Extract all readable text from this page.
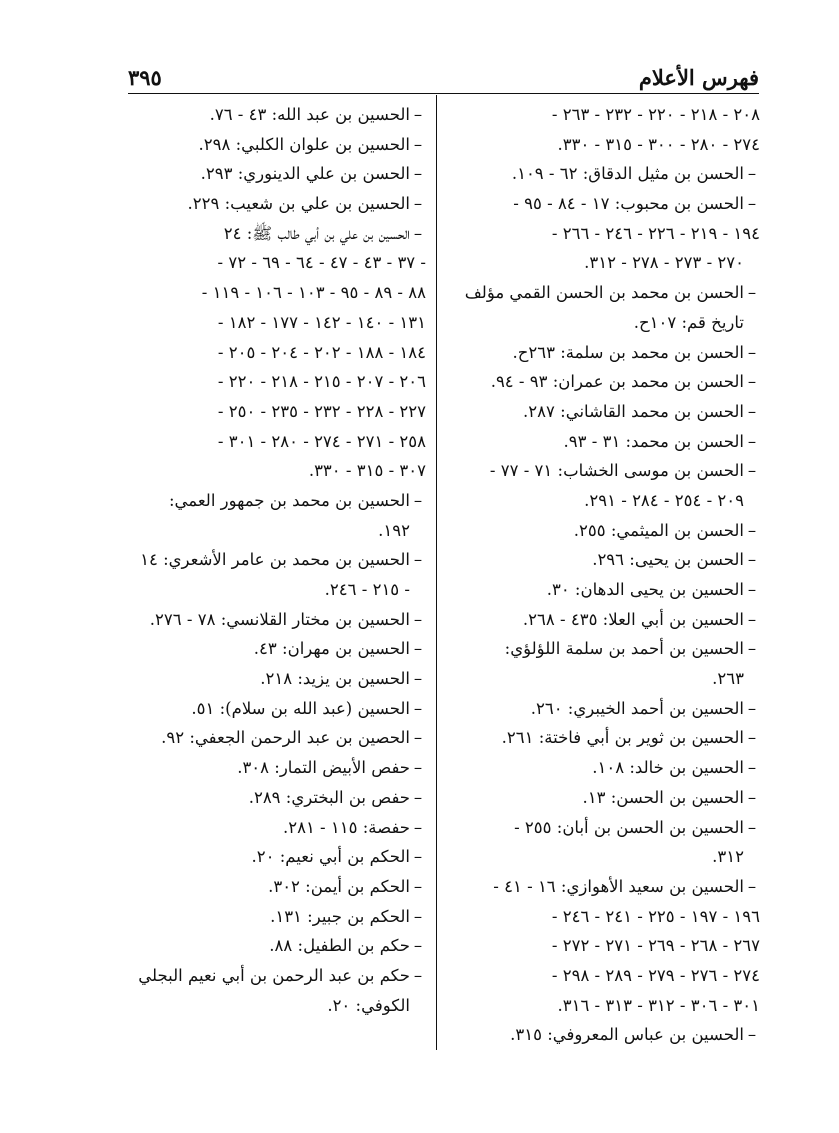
فهرس الأعلام
٣٩٥
٢٠٨ - ٢١٨ - ٢٢٠ - ٢٣٢ - ٢٦٣ -
٢٧٤ - ٢٨٠ - ٣٠٠ - ٣١٥ - ٣٣٠.
– الحسن بن مثيل الدقاق: ٦٢ - ١٠٩.
– الحسن بن محبوب: ١٧ - ٨٤ - ٩٥ -
١٩٤ - ٢١٩ - ٢٢٦ - ٢٤٦ - ٢٦٦ -
٢٧٠ - ٢٧٣ - ٢٧٨ - ٣١٢.
– الحسن بن محمد بن الحسن القمي مؤلف
تاريخ قم: ١٠٧ح.
– الحسن بن محمد بن سلمة: ٢٦٣ح.
– الحسن بن محمد بن عمران: ٩٣ - ٩٤.
– الحسن بن محمد القاشاني: ٢٨٧.
– الحسن بن محمد: ٣١ - ٩٣.
– الحسن بن موسى الخشاب: ٧١ - ٧٧ -
٢٠٩ - ٢٥٤ - ٢٨٤ - ٢٩١.
– الحسن بن الميثمي: ٢٥٥.
– الحسن بن يحيى: ٢٩٦.
– الحسين بن يحيى الدهان: ٣٠.
– الحسين بن أبي العلا: ٤٣٥ - ٢٦٨.
– الحسين بن أحمد بن سلمة اللؤلؤي:
٢٦٣.
– الحسين بن أحمد الخيبري: ٢٦٠.
– الحسين بن ثوير بن أبي فاختة: ٢٦١.
– الحسين بن خالد: ١٠٨.
– الحسين بن الحسن: ١٣.
– الحسين بن الحسن بن أبان: ٢٥٥ -
٣١٢.
– الحسين بن سعيد الأهوازي: ١٦ - ٤١ -
١٩٦ - ١٩٧ - ٢٢٥ - ٢٤١ - ٢٤٦ -
٢٦٧ - ٢٦٨ - ٢٦٩ - ٢٧١ - ٢٧٢ -
٢٧٤ - ٢٧٦ - ٢٧٩ - ٢٨٩ - ٢٩٨ -
٣٠١ - ٣٠٦ - ٣١٢ - ٣١٣ - ٣١٦.
– الحسين بن عباس المعروفي: ٣١٥.
– الحسين بن عبد الله: ٤٣ - ٧٦.
– الحسين بن علوان الكلبي: ٢٩٨.
– الحسن بن علي الدينوري: ٢٩٣.
– الحسين بن علي بن شعيب: ٢٢٩.
– الحسين بن علي بن أبي طالب ﷺ: ٢٤
- ٣٧ - ٤٣ - ٤٧ - ٦٤ - ٦٩ - ٧٢ -
٨٨ - ٨٩ - ٩٥ - ١٠٣ - ١٠٦ - ١١٩ -
١٣١ - ١٤٠ - ١٤٢ - ١٧٧ - ١٨٢ -
١٨٤ - ١٨٨ - ٢٠٢ - ٢٠٤ - ٢٠٥ -
٢٠٦ - ٢٠٧ - ٢١٥ - ٢١٨ - ٢٢٠ -
٢٢٧ - ٢٢٨ - ٢٣٢ - ٢٣٥ - ٢٥٠ -
٢٥٨ - ٢٧١ - ٢٧٤ - ٢٨٠ - ٣٠١ -
٣٠٧ - ٣١٥ - ٣٣٠.
– الحسين بن محمد بن جمهور العمي:
١٩٢.
– الحسين بن محمد بن عامر الأشعري: ١٤
- ٢١٥ - ٢٤٦.
– الحسين بن مختار القلانسي: ٧٨ - ٢٧٦.
– الحسين بن مهران: ٤٣.
– الحسين بن يزيد: ٢١٨.
– الحسين (عبد الله بن سلام): ٥١.
– الحصين بن عبد الرحمن الجعفي: ٩٢.
– حفص الأبيض التمار: ٣٠٨.
– حفص بن البختري: ٢٨٩.
– حفصة: ١١٥ - ٢٨١.
– الحكم بن أبي نعيم: ٢٠.
– الحكم بن أيمن: ٣٠٢.
– الحكم بن جبير: ١٣١.
– حكم بن الطفيل: ٨٨.
– حكم بن عبد الرحمن بن أبي نعيم البجلي
الكوفي: ٢٠.
